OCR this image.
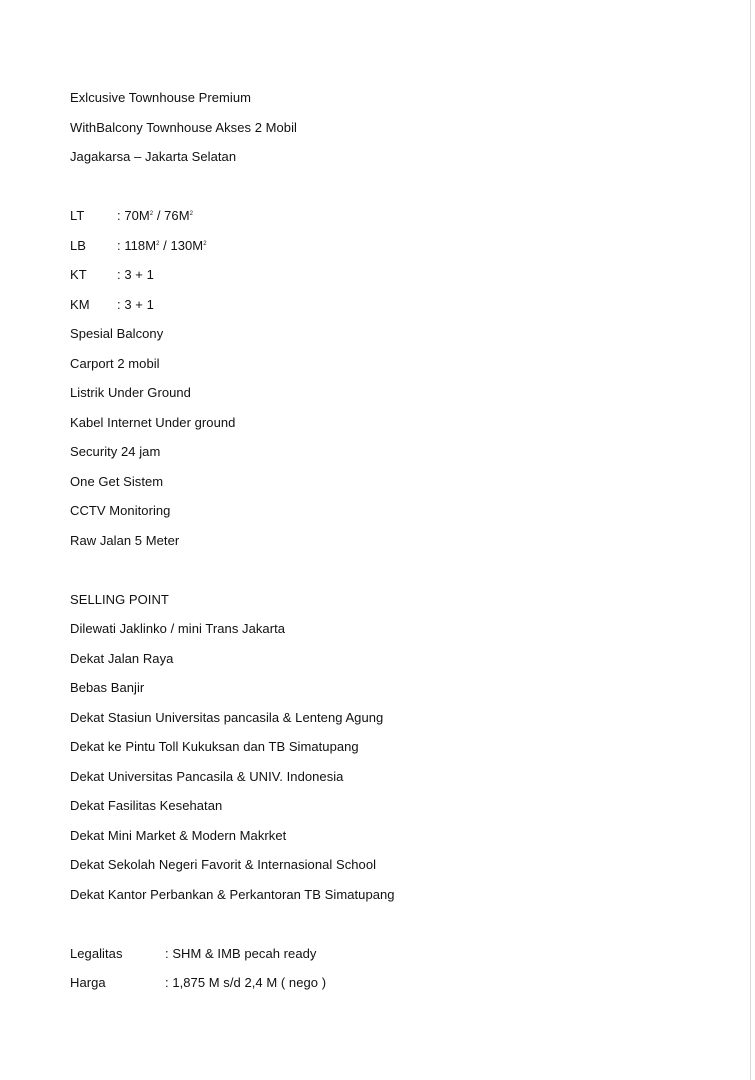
Exlcusive Townhouse Premium
WithBalcony Townhouse Akses 2 Mobil
Jagakarsa – Jakarta Selatan
LT	: $70M^2 / 76M^2$
LB : $118M^2 / 130M^2$
KT : 3 + 1
KM : 3 + 1
Spesial Balcony
Carport 2 mobil
Listrik Under Ground
Kabel Internet Under ground
Security 24 jam
One Get Sistem
CCTV Monitoring
Raw Jalan 5 Meter
SELLING POINT
Dilewati Jaklinko / mini Trans Jakarta
Dekat Jalan Raya
Bebas Banjir
Dekat Stasiun Universitas pancasila & Lenteng Agung
Dekat ke Pintu Toll Kukuksan dan TB Simatupang
Dekat Universitas Pancasila & UNIV. Indonesia
Dekat Fasilitas Kesehatan
Dekat Mini Market & Modern Makrket
Dekat Sekolah Negeri Favorit & Internasional School
Dekat Kantor Perbankan & Perkantoran TB Simatupang
Legalitas	: SHM & IMB pecah ready
Harga	: 1,875 M s/d 2,4 M ( nego )
